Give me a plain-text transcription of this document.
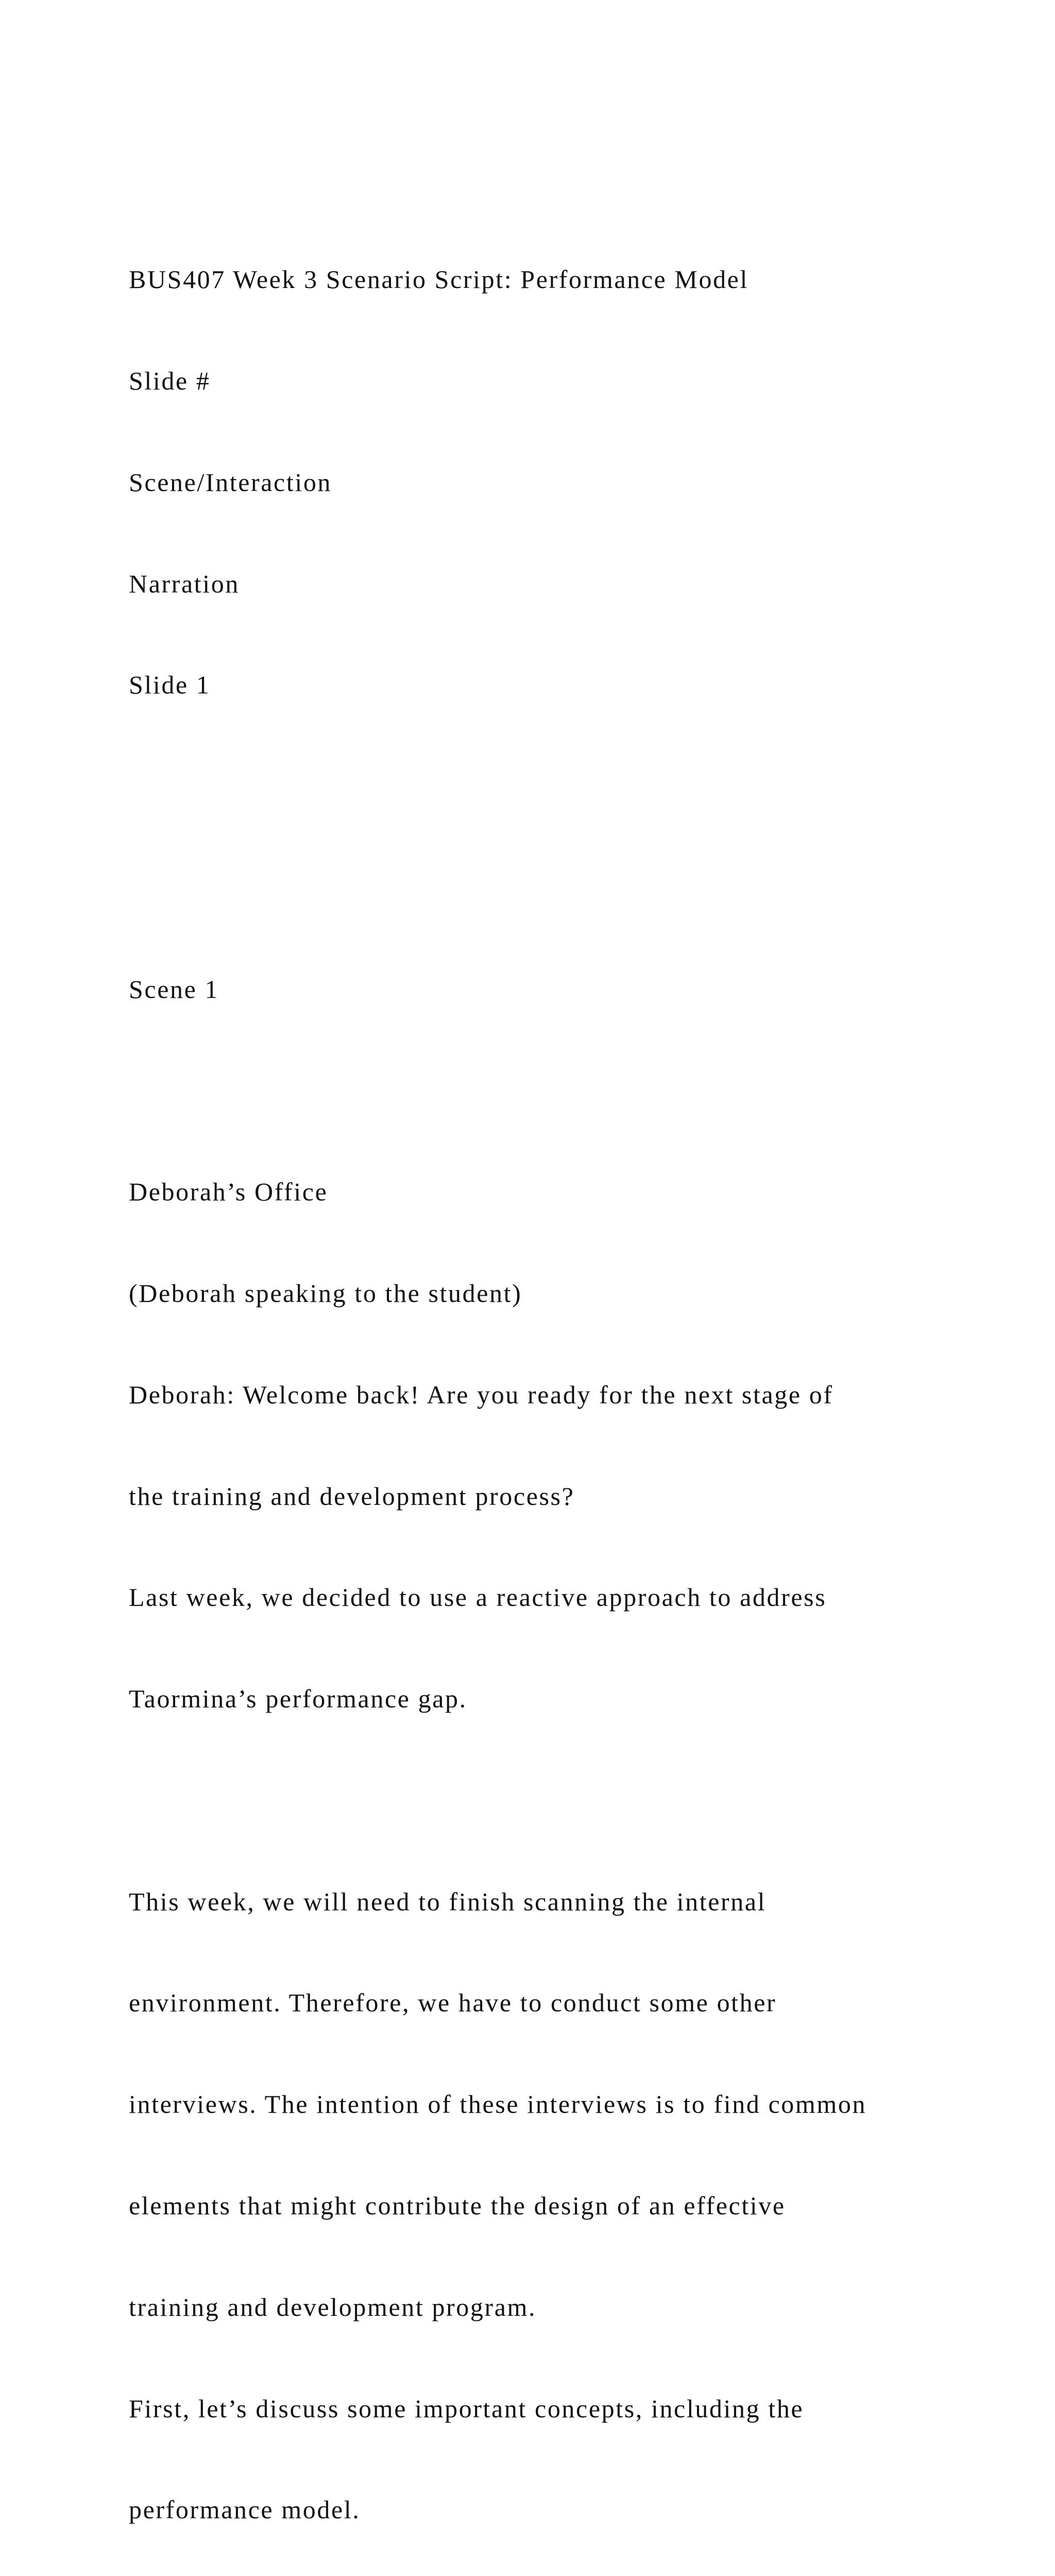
BUS407 Week 3 Scenario Script: Performance Model

Slide #

Scene/Interaction

Narration

Slide 1

Scene 1

Deborah’s Office

(Deborah speaking to the student)

Deborah: Welcome back! Are you ready for the next stage of

the training and development process?

Last week, we decided to use a reactive approach to address

Taormina’s performance gap.

This week, we will need to finish scanning the internal

environment. Therefore, we have to conduct some other

interviews. The intention of these interviews is to find common

elements that might contribute the design of an effective

training and development program.

First, let’s discuss some important concepts, including the

performance model.
